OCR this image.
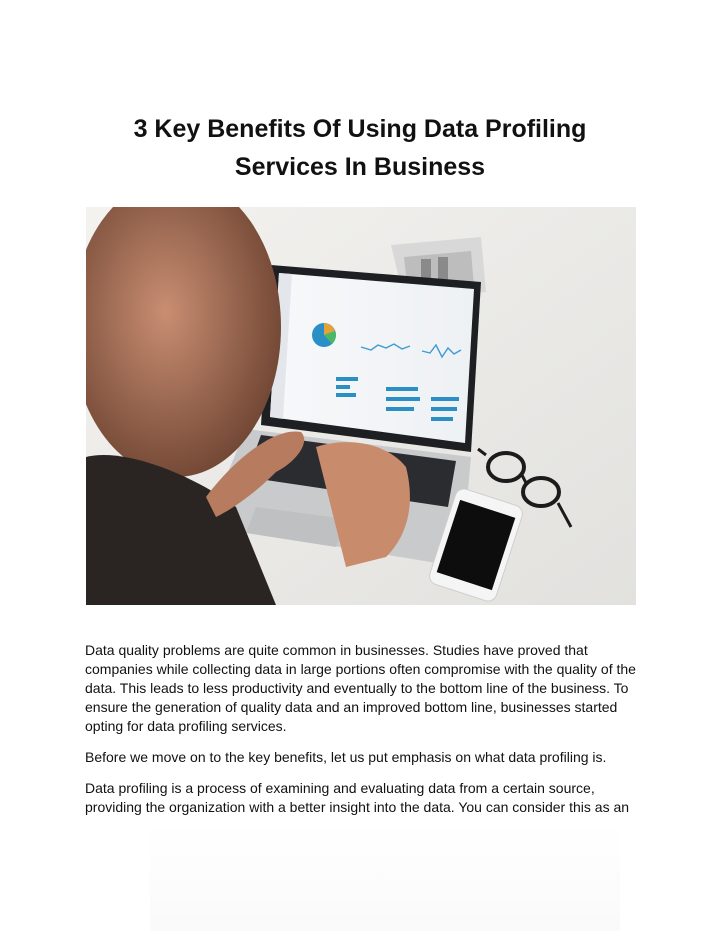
3 Key Benefits Of Using Data Profiling
Services In Business

Data quality problems are quite common in businesses. Studies have proved that companies while collecting data in large portions often compromise with the quality of the data. This leads to less productivity and eventually to the bottom line of the business. To ensure the generation of quality data and an improved bottom line, businesses started opting for data profiling services.

Before we move on to the key benefits, let us put emphasis on what data profiling is.

Data profiling is a process of examining and evaluating data from a certain source, providing the organization with a better insight into the data. You can consider this as an
